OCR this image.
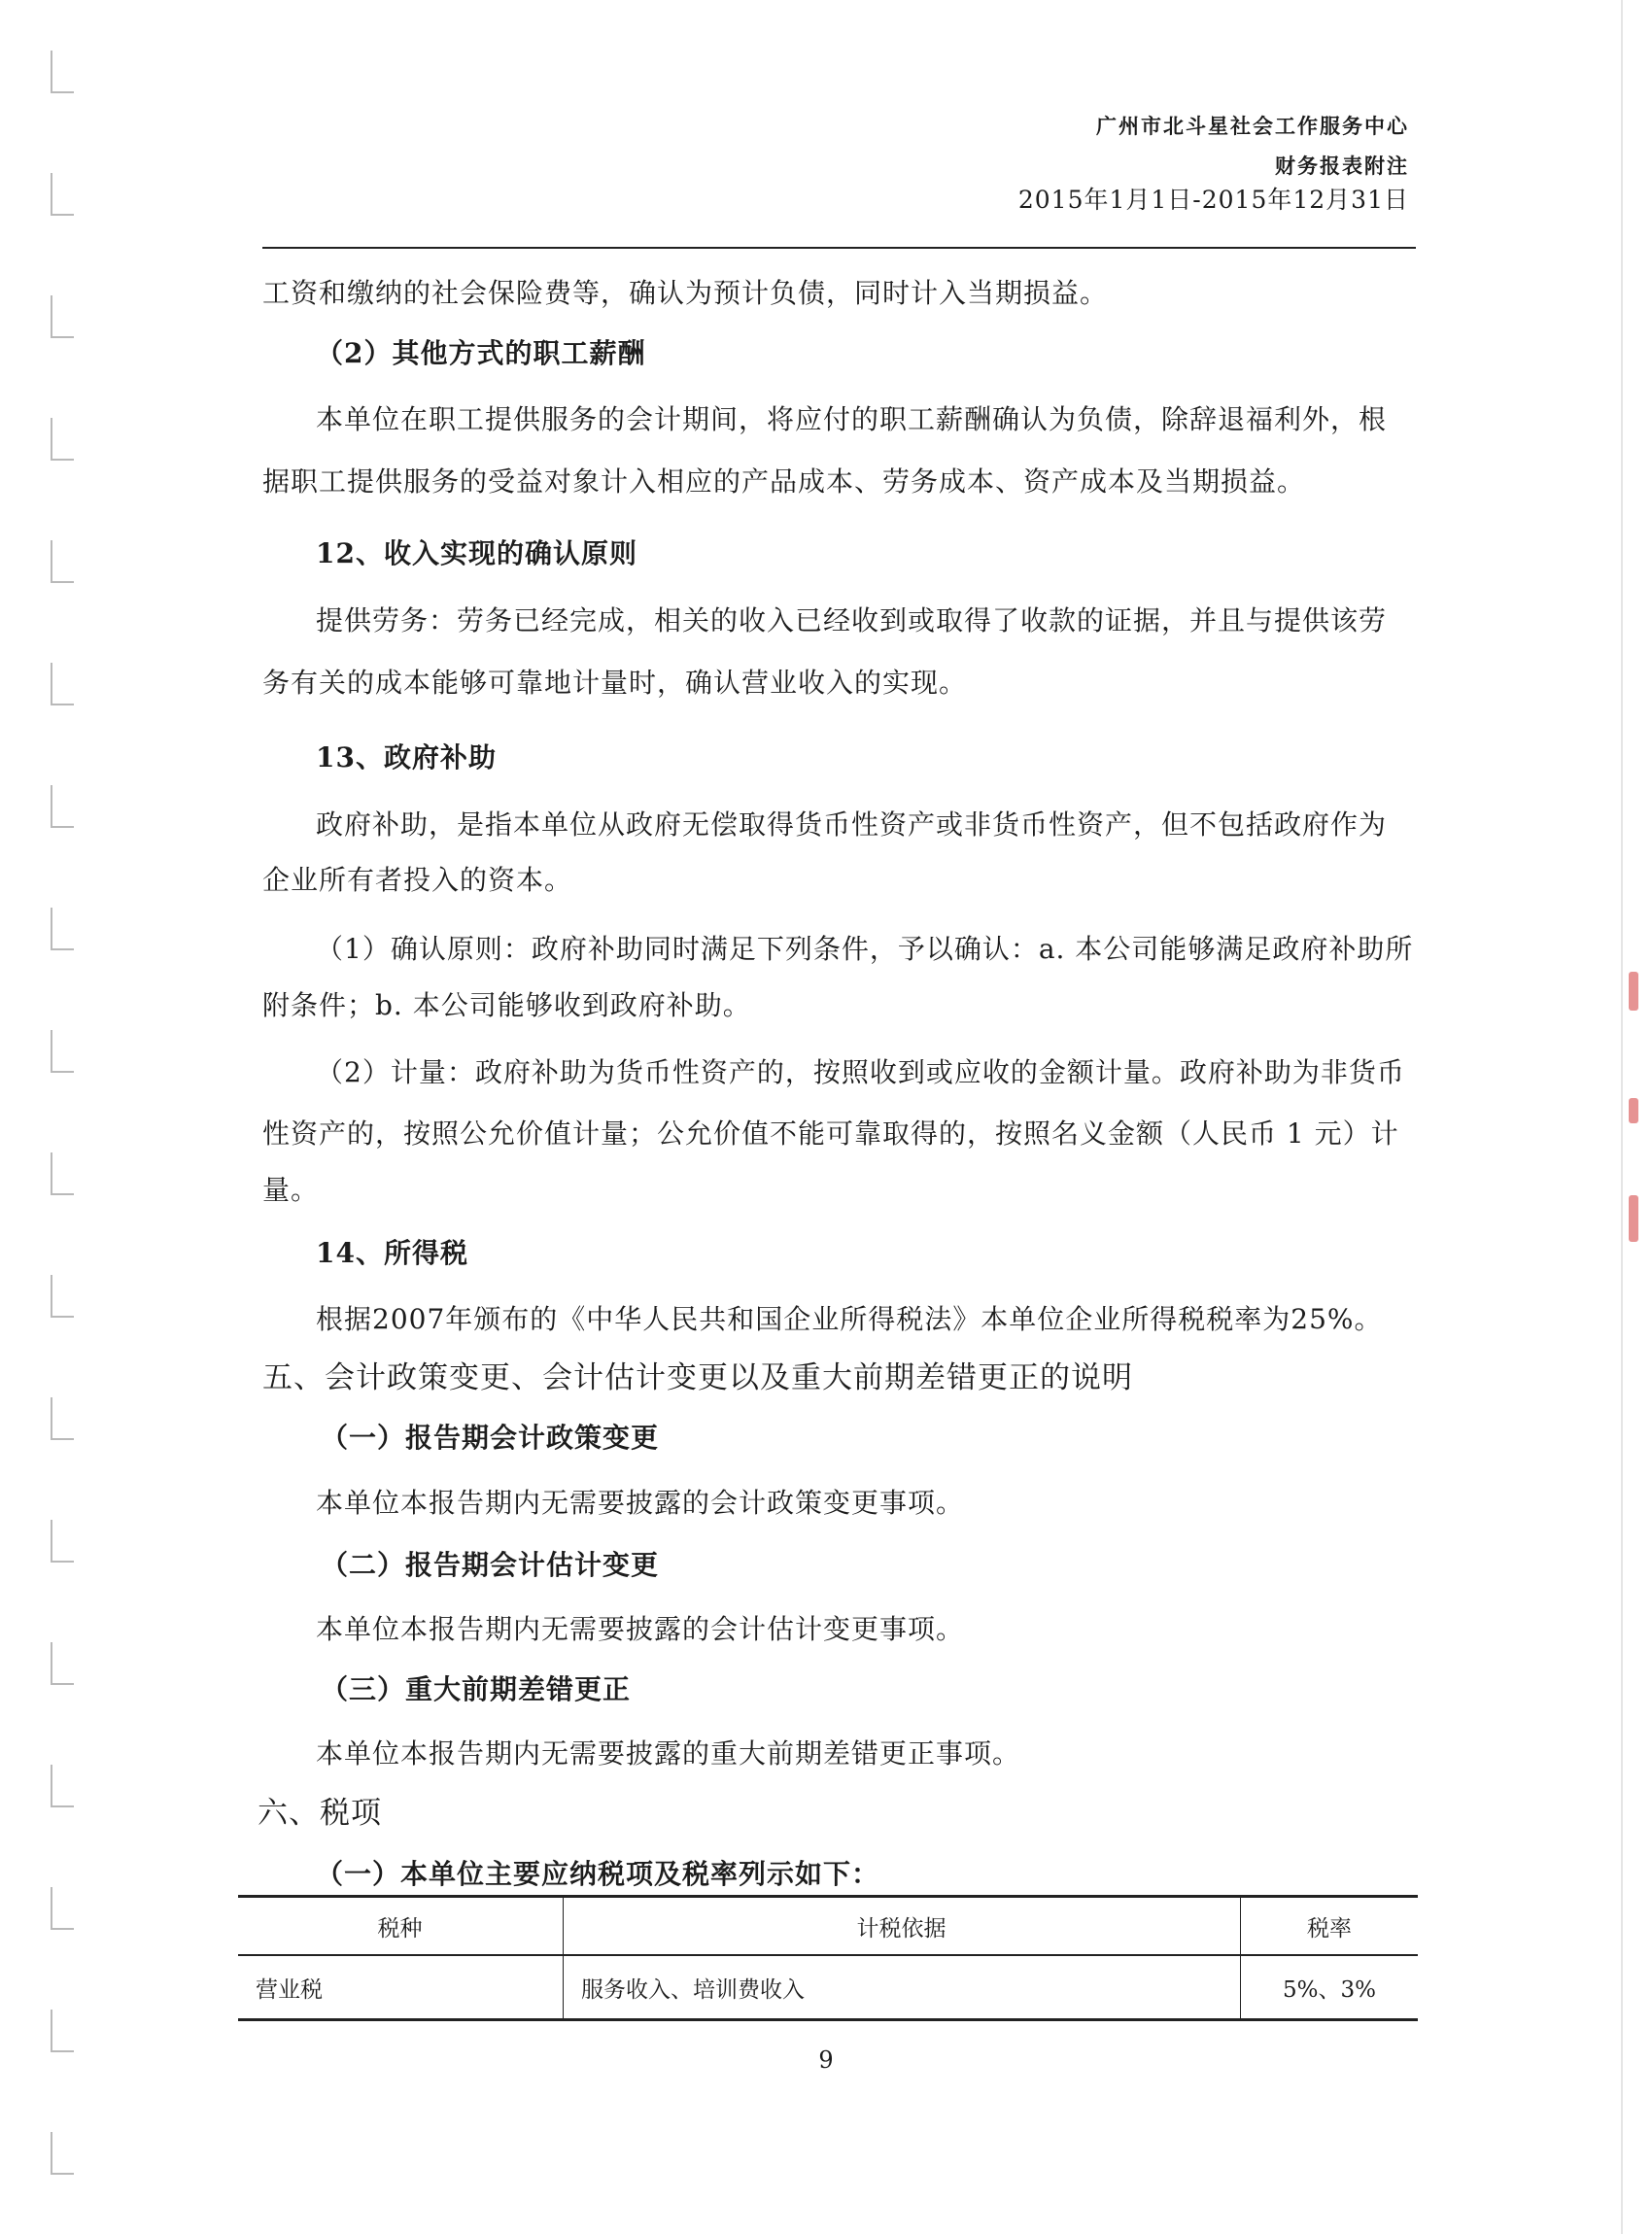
广州市北斗星社会工作服务中心
财务报表附注
2015年1月1日-2015年12月31日
工资和缴纳的社会保险费等，确认为预计负债，同时计入当期损益。
（2）其他方式的职工薪酬
本单位在职工提供服务的会计期间，将应付的职工薪酬确认为负债，除辞退福利外，根
据职工提供服务的受益对象计入相应的产品成本、劳务成本、资产成本及当期损益。
12、收入实现的确认原则
提供劳务：劳务已经完成，相关的收入已经收到或取得了收款的证据，并且与提供该劳
务有关的成本能够可靠地计量时，确认营业收入的实现。
13、政府补助
政府补助，是指本单位从政府无偿取得货币性资产或非货币性资产，但不包括政府作为
企业所有者投入的资本。
（1）确认原则：政府补助同时满足下列条件，予以确认：a. 本公司能够满足政府补助所
附条件；b. 本公司能够收到政府补助。
（2）计量：政府补助为货币性资产的，按照收到或应收的金额计量。政府补助为非货币
性资产的，按照公允价值计量；公允价值不能可靠取得的，按照名义金额（人民币 1 元）计
量。
14、所得税
根据2007年颁布的《中华人民共和国企业所得税法》本单位企业所得税税率为25%。
五、会计政策变更、会计估计变更以及重大前期差错更正的说明
（一）报告期会计政策变更
本单位本报告期内无需要披露的会计政策变更事项。
（二）报告期会计估计变更
本单位本报告期内无需要披露的会计估计变更事项。
（三）重大前期差错更正
本单位本报告期内无需要披露的重大前期差错更正事项。
六、税项
（一）本单位主要应纳税项及税率列示如下：
税种	计税依据	税率
营业税	服务收入、培训费收入	5%、3%
9
